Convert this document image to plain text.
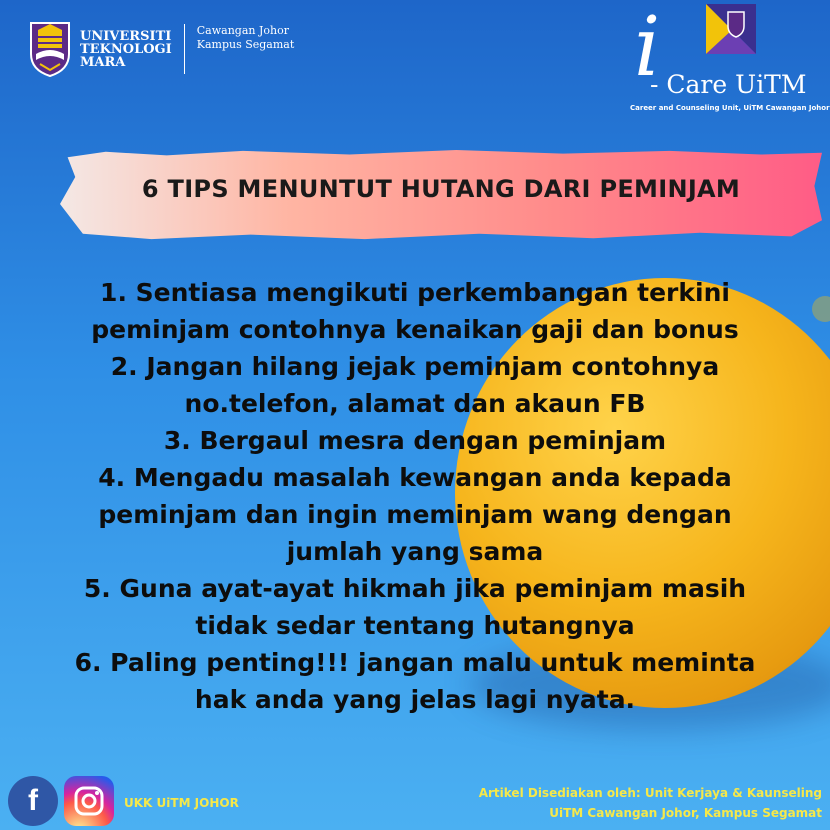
UNIVERSITI
TEKNOLOGI
MARA
Cawangan Johor
Kampus Segamat	i
- Care UiTM
Career and Counseling Unit, UiTM Cawangan Johor
6 TIPS MENUNTUT HUTANG DARI PEMINJAM
1. Sentiasa mengikuti perkembangan terkini
peminjam contohnya kenaikan gaji dan bonus
2. Jangan hilang jejak peminjam contohnya
no.telefon, alamat dan akaun FB
3. Bergaul mesra dengan peminjam
4. Mengadu masalah kewangan anda kepada
peminjam dan ingin meminjam wang dengan
jumlah yang sama
5. Guna ayat-ayat hikmah jika peminjam masih
tidak sedar tentang hutangnya
6. Paling penting!!! jangan malu untuk meminta
hak anda yang jelas lagi nyata.
f	UKK UiTM JOHOR
Artikel Disediakan oleh: Unit Kerjaya & Kaunseling
UiTM Cawangan Johor, Kampus Segamat
